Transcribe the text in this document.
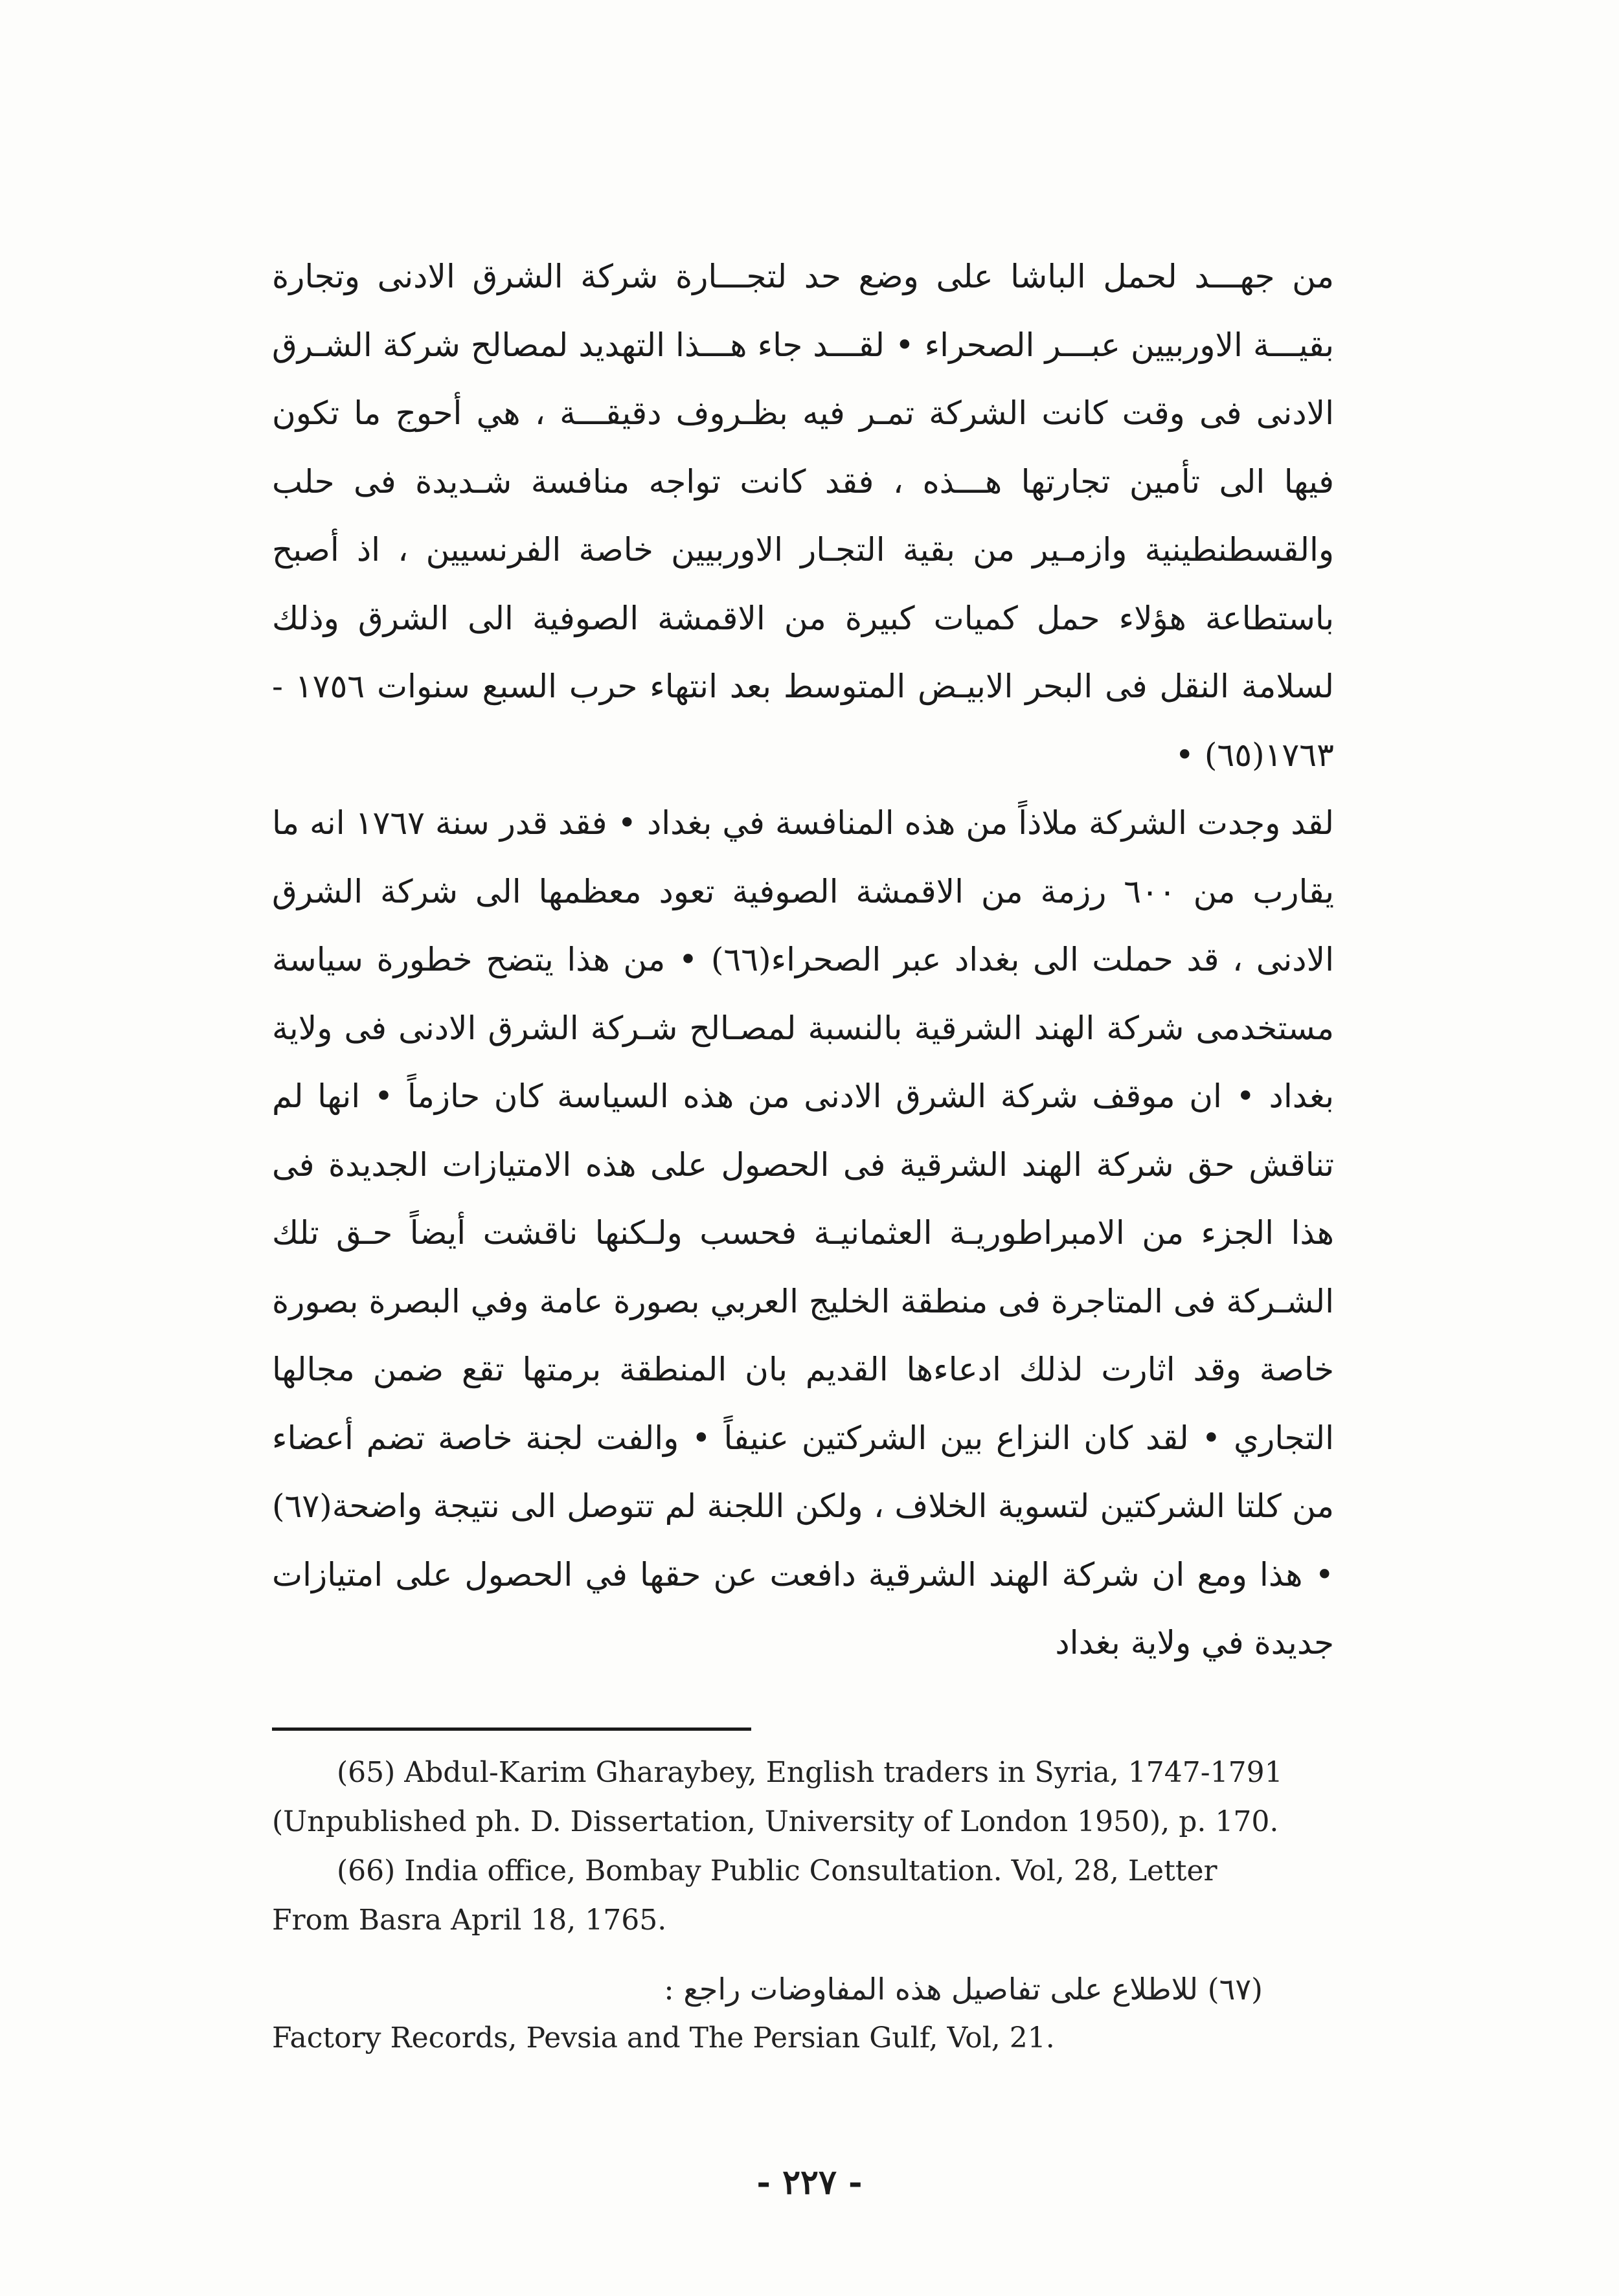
من جهـــد لحمل الباشا على وضع حد لتجـــارة شركة الشرق الادنى وتجارة بقيـــة الاوربيين عبـــر الصحراء • لقـــد جاء هـــذا التهديد لمصالح شركة الشـرق الادنى فى وقت كانت الشركة تمـر فيه بظـروف دقيقـــة ، هي أحوج ما تكون فيها الى تأمين تجارتها هـــذه ، فقد كانت تواجه منافسة شـديدة فى حلب والقسطنطينية وازمـير من بقية التجـار الاوربيين خاصة الفرنسيين ، اذ أصبح باستطاعة هؤلاء حمل كميات كبيرة من الاقمشة الصوفية الى الشرق وذلك لسلامة النقل فى البحر الابيـض المتوسط بعد انتهاء حرب السبع سنوات ١٧٥٦ - ١٧٦٣(٦٥) •

لقد وجدت الشركة ملاذاً من هذه المنافسة في بغداد • فقد قدر سنة ١٧٦٧ انه ما يقارب من ٦٠٠ رزمة من الاقمشة الصوفية تعود معظمها الى شركة الشرق الادنى ، قد حملت الى بغداد عبر الصحراء(٦٦) • من هذا يتضح خطورة سياسة مستخدمى شركة الهند الشرقية بالنسبة لمصـالح شـركة الشرق الادنى فى ولاية بغداد • ان موقف شركة الشرق الادنى من هذه السياسة كان حازماً • انها لم تناقش حق شركة الهند الشرقية فى الحصول على هذه الامتيازات الجديدة فى هذا الجزء من الامبراطوريـة العثمانيـة فحسب ولـكنها ناقشت أيضاً حـق تلك الشـركة فى المتاجرة فى منطقة الخليج العربي بصورة عامة وفي البصرة بصورة خاصة وقد اثارت لذلك ادعاءها القديم بان المنطقة برمتها تقع ضمن مجالها التجاري • لقد كان النزاع بين الشركتين عنيفاً • والفت لجنة خاصة تضم أعضاء من كلتا الشركتين لتسوية الخلاف ، ولكن اللجنة لم تتوصل الى نتيجة واضحة(٦٧) • هذا ومع ان شركة الهند الشرقية دافعت عن حقها في الحصول على امتيازات جديدة في ولاية بغداد

(65) Abdul-Karim Gharaybey, English traders in Syria, 1747-1791
(Unpublished ph. D. Dissertation, University of London 1950), p. 170.

(66) India office, Bombay Public Consultation. Vol, 28, Letter
From Basra April 18, 1765.

(٦٧) للاطلاع على تفاصيل هذه المفاوضات راجع :

Factory Records, Pevsia and The Persian Gulf, Vol, 21.

- ٢٢٧ -
